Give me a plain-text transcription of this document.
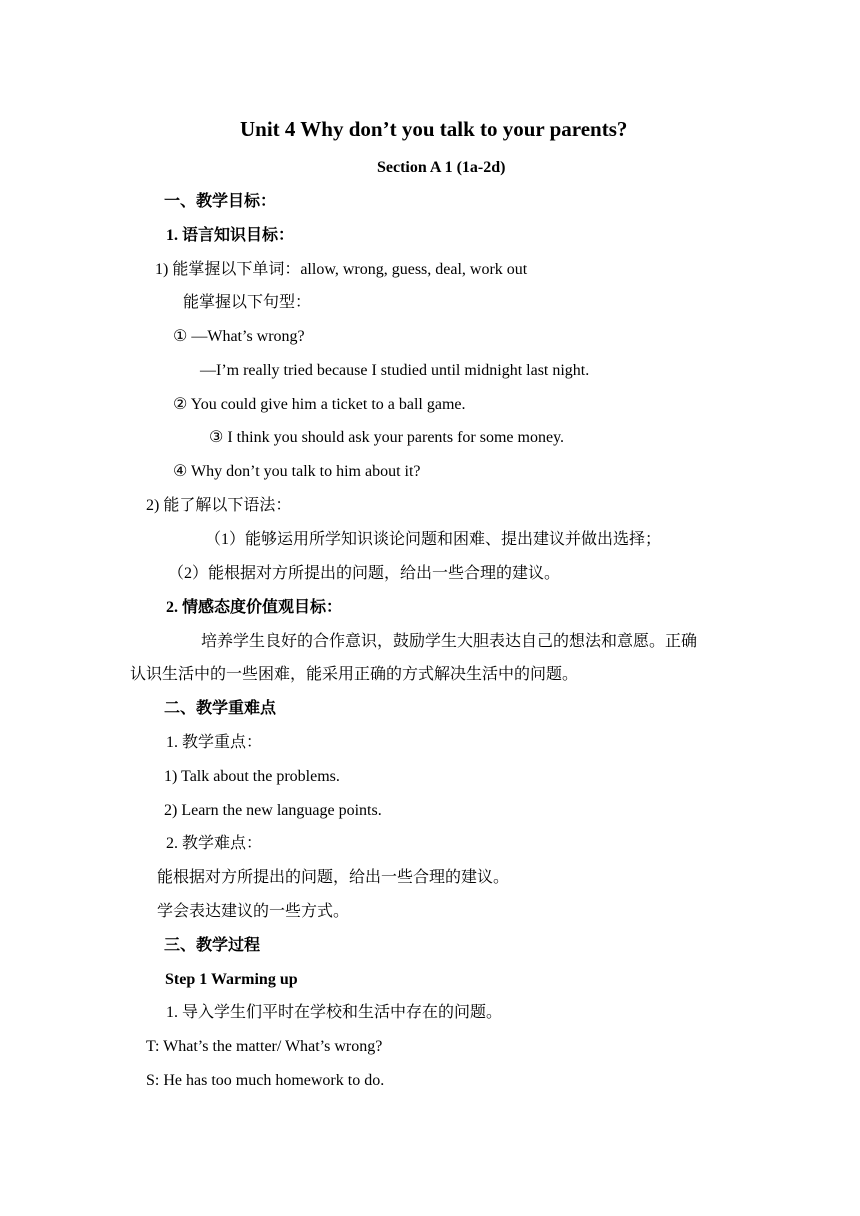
Unit 4 Why don’t you talk to your parents?
Section A 1 (1a-2d)
一、教学目标：
1. 语言知识目标：
1) 能掌握以下单词：allow, wrong, guess, deal, work out
能掌握以下句型：
① —What’s wrong?
—I’m really tried because I studied until midnight last night.
② You could give him a ticket to a ball game.
③ I think you should ask your parents for some money.
④ Why don’t you talk to him about it?
2) 能了解以下语法：
（1）能够运用所学知识谈论问题和困难、提出建议并做出选择；
（2）能根据对方所提出的问题，给出一些合理的建议。
2. 情感态度价值观目标：
培养学生良好的合作意识，鼓励学生大胆表达自己的想法和意愿。正确
认识生活中的一些困难，能采用正确的方式解决生活中的问题。
二、教学重难点
1. 教学重点：
1) Talk about the problems.
2) Learn the new language points.
2. 教学难点：
能根据对方所提出的问题，给出一些合理的建议。
学会表达建议的一些方式。
三、教学过程
Step 1 Warming up
1. 导入学生们平时在学校和生活中存在的问题。
T: What’s the matter/ What’s wrong?
S: He has too much homework to do.
